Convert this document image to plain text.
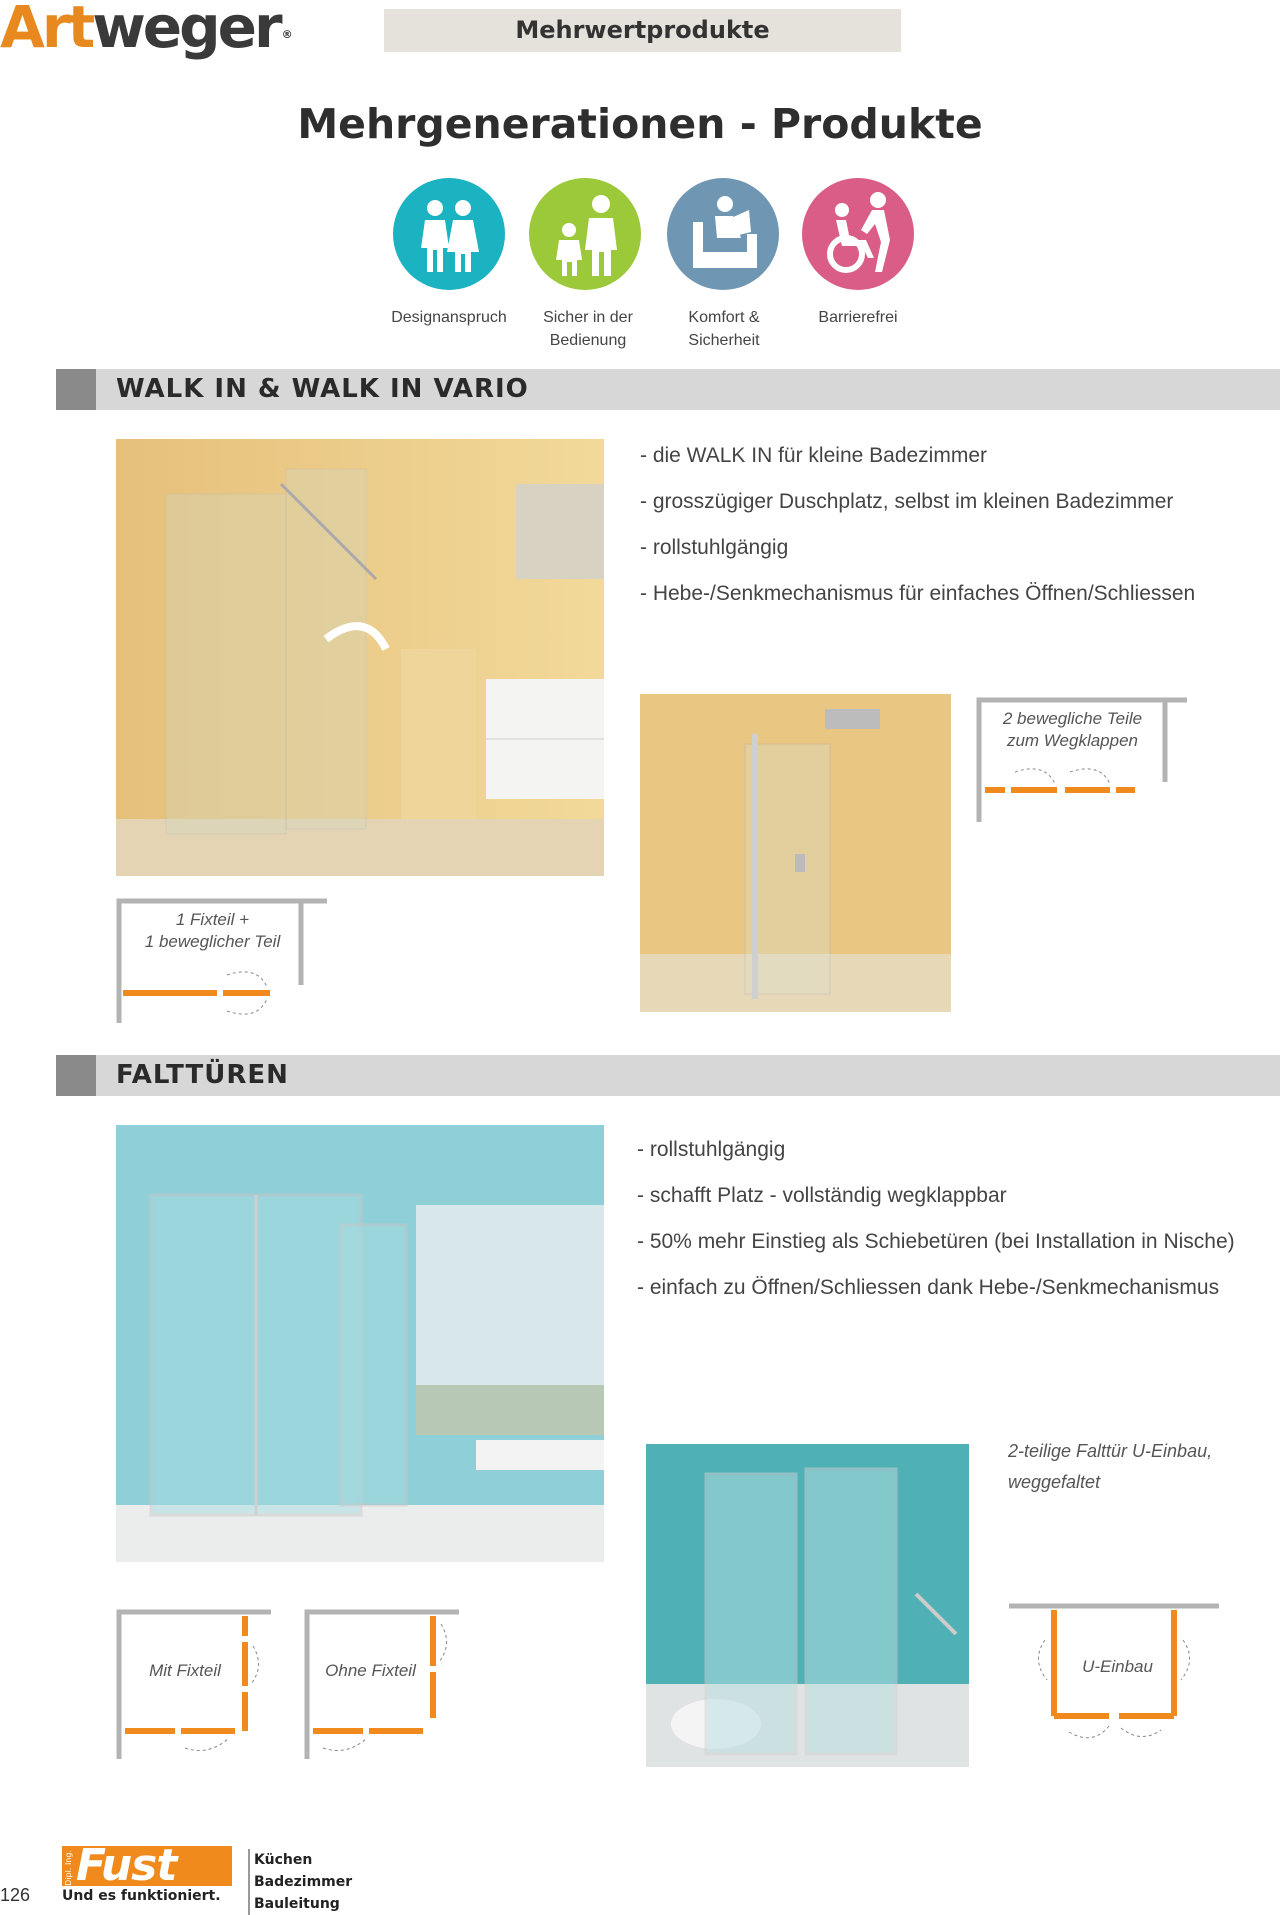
Artweger ®	Mehrwertprodukte
Mehrgenerationen - Produkte
Designanspruch	Sicher in der Bedienung
Komfort & Sicherheit
Barrierefrei
WALK IN & WALK IN VARIO
- die WALK IN für kleine Badezimmer
- grosszügiger Duschplatz, selbst im kleinen Badezimmer
- rollstuhlgängig
- Hebe-/Senkmechanismus für einfaches Öffnen/Schliessen
1 Fixteil +
1 beweglicher Teil
2 bewegliche Teile
zum Wegklappen
FALTTÜREN
- rollstuhlgängig
- schafft Platz - vollständig wegklappbar
- 50% mehr Einstieg als Schiebetüren (bei Installation in Nische)
- einfach zu Öffnen/Schliessen dank Hebe-/Senkmechanismus
2-teilige Falttür U-Einbau,
weggefaltet
Mit Fixteil	Ohne Fixteil	U-Einbau
126
Fust
Dipl. Ing.
Und es funktioniert.
Küchen
Badezimmer
Bauleitung
